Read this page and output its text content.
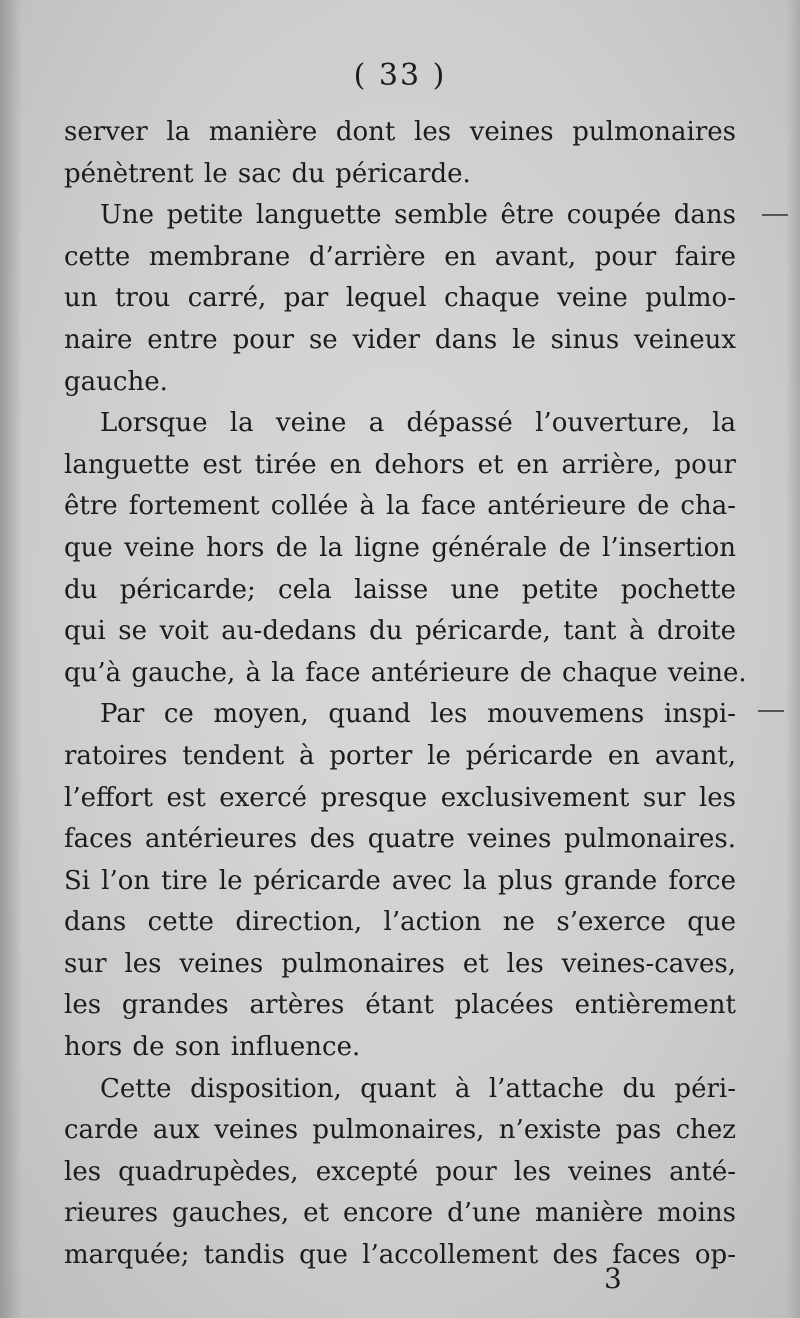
( 33 )
server la manière dont les veines pulmonaires
pénètrent le sac du péricarde.
Une petite languette semble être coupée dans
cette membrane d’arrière en avant, pour faire
un trou carré, par lequel chaque veine pulmo-
naire entre pour se vider dans le sinus veineux
gauche.
Lorsque la veine a dépassé l’ouverture, la
languette est tirée en dehors et en arrière, pour
être fortement collée à la face antérieure de cha-
que veine hors de la ligne générale de l’insertion
du péricarde; cela laisse une petite pochette
qui se voit au-dedans du péricarde, tant à droite
qu’à gauche, à la face antérieure de chaque veine.
Par ce moyen, quand les mouvemens inspi-
ratoires tendent à porter le péricarde en avant,
l’effort est exercé presque exclusivement sur les
faces antérieures des quatre veines pulmonaires.
Si l’on tire le péricarde avec la plus grande force
dans cette direction, l’action ne s’exerce que
sur les veines pulmonaires et les veines-caves,
les grandes artères étant placées entièrement
hors de son influence.
Cette disposition, quant à l’attache du péri-
carde aux veines pulmonaires, n’existe pas chez
les quadrupèdes, excepté pour les veines anté-
rieures gauches, et encore d’une manière moins
marquée; tandis que l’accollement des faces op-
3
